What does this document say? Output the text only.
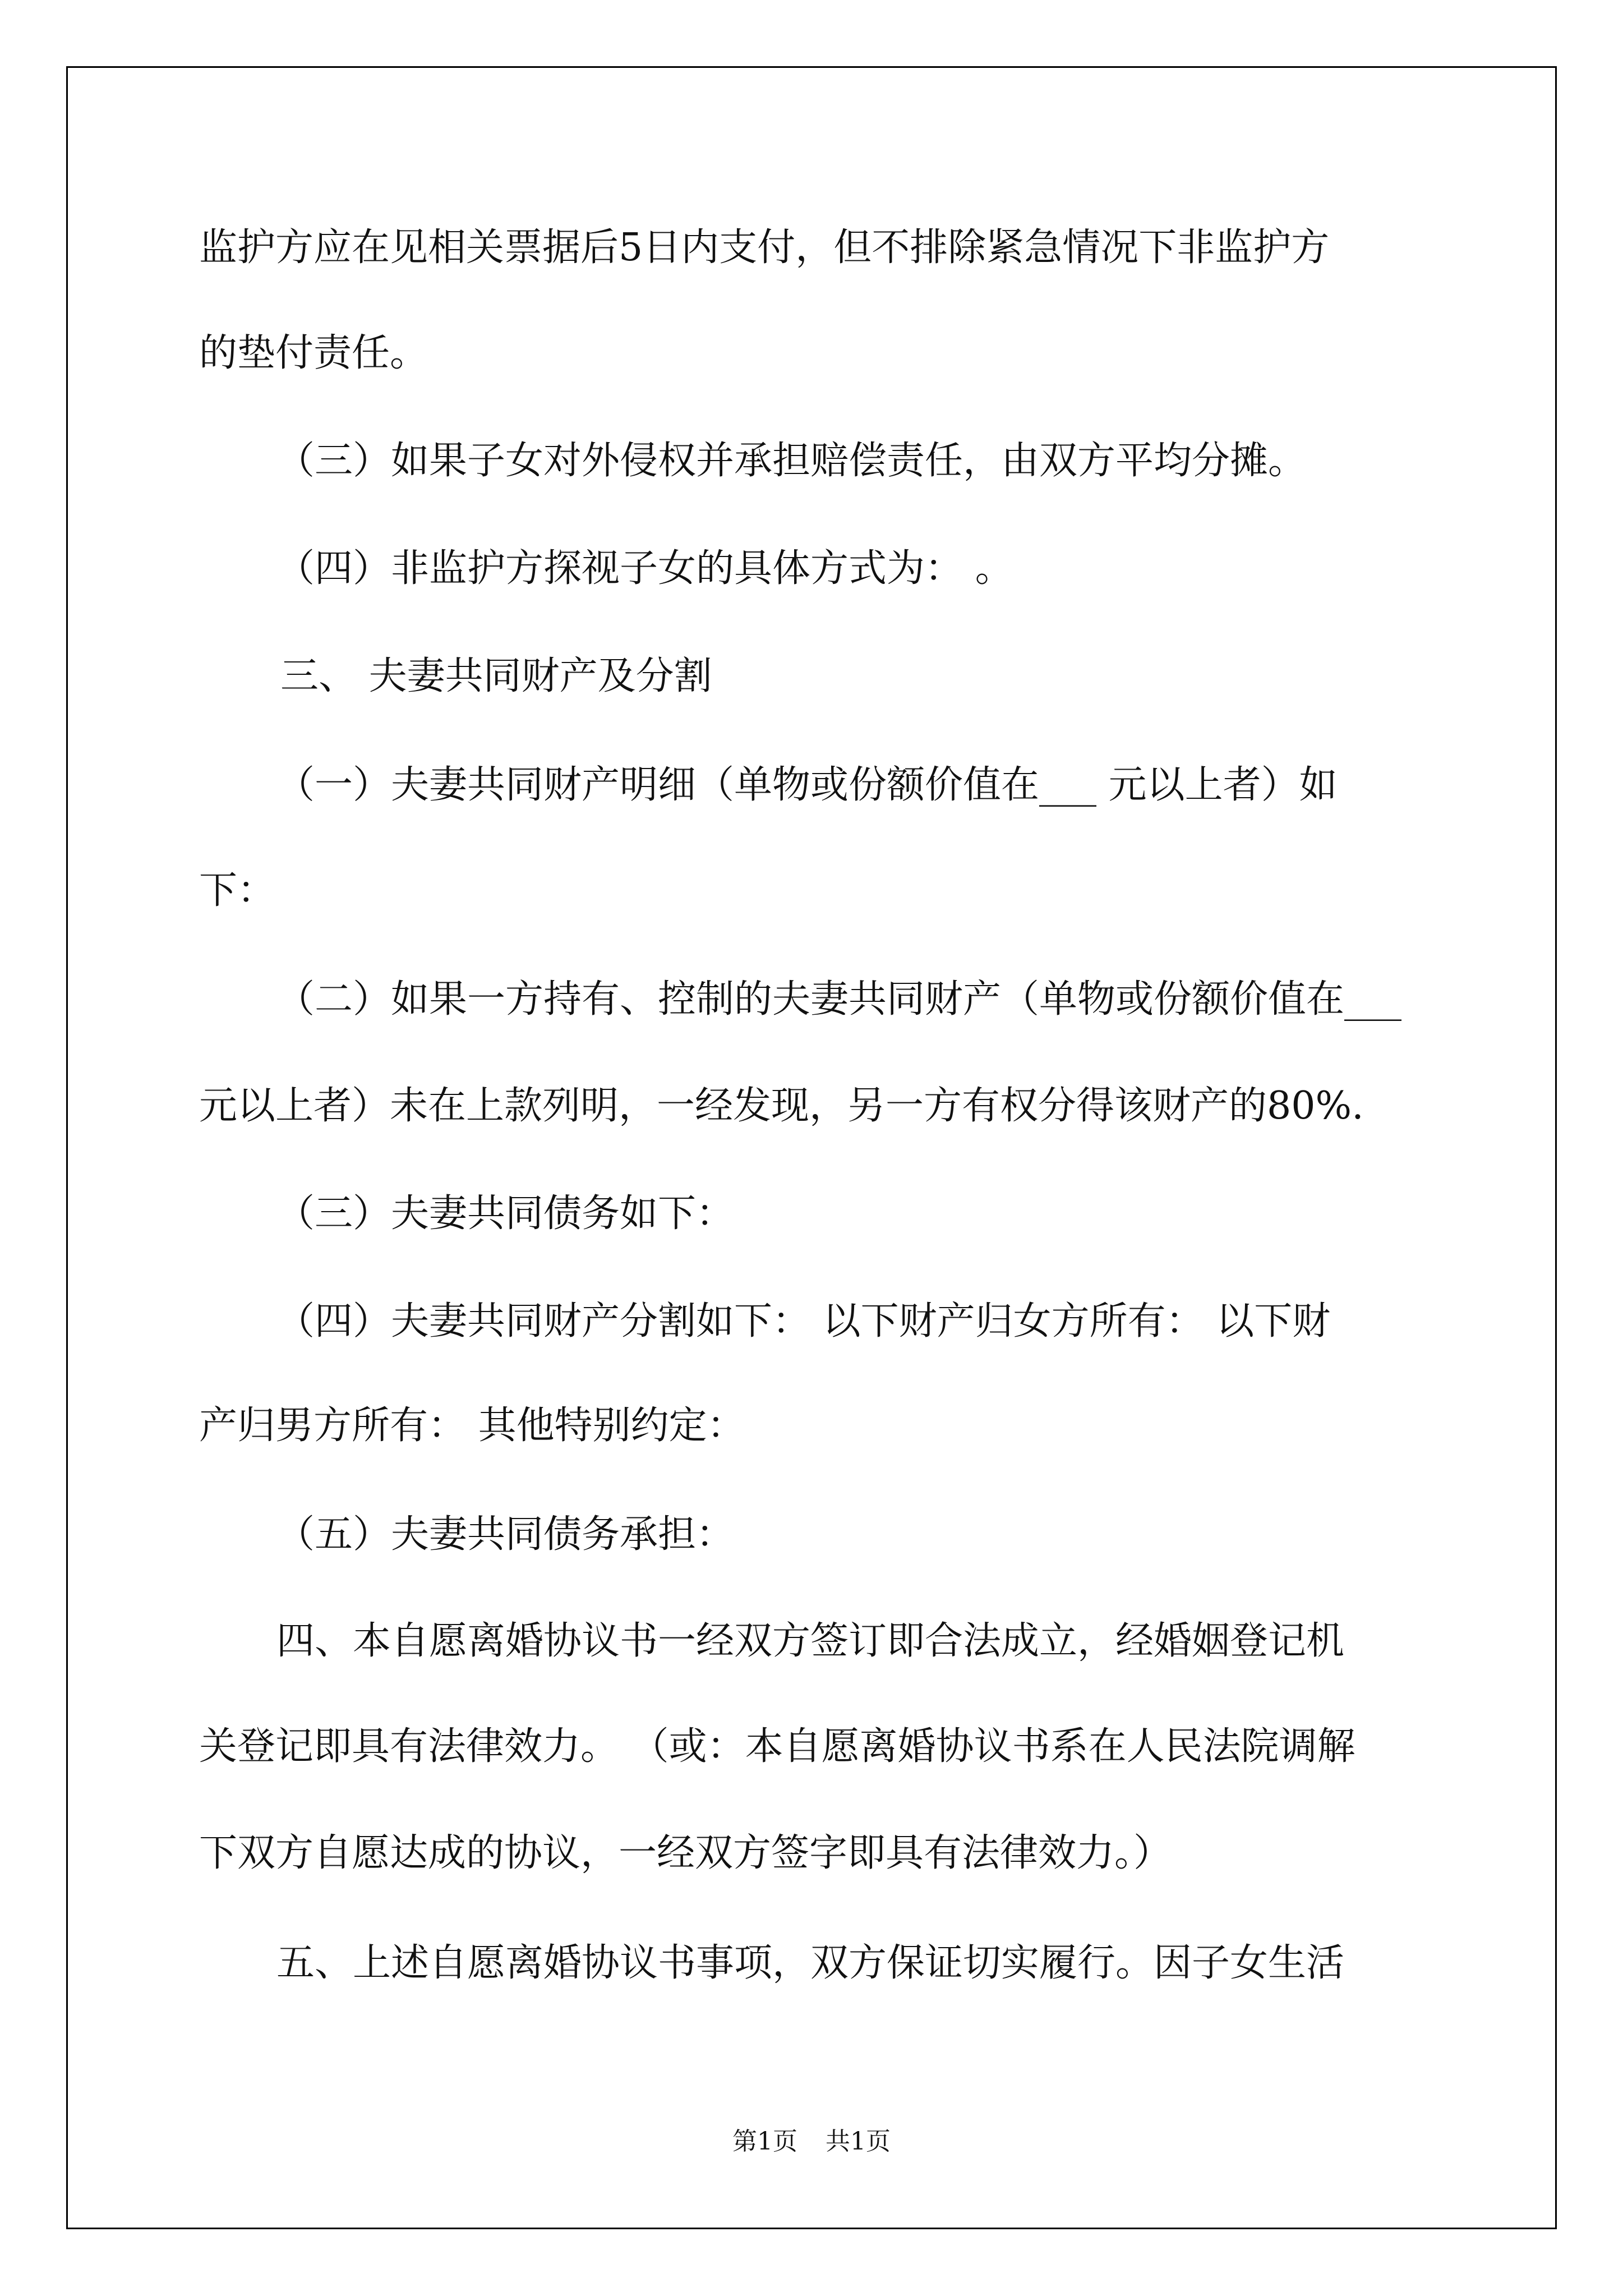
监护方应在见相关票据后5日内支付，但不排除紧急情况下非监护方

的垫付责任。

（三）如果子女对外侵权并承担赔偿责任，由双方平均分摊。

（四）非监护方探视子女的具体方式为： 。

三、 夫妻共同财产及分割

（一）夫妻共同财产明细（单物或份额价值在___ 元以上者）如

下：

（二）如果一方持有、控制的夫妻共同财产（单物或份额价值在___

元以上者）未在上款列明，一经发现，另一方有权分得该财产的80%.

（三）夫妻共同债务如下：

（四）夫妻共同财产分割如下： 以下财产归女方所有： 以下财

产归男方所有： 其他特别约定：

（五）夫妻共同债务承担：

四、本自愿离婚协议书一经双方签订即合法成立，经婚姻登记机

关登记即具有法律效力。 （或：本自愿离婚协议书系在人民法院调解

下双方自愿达成的协议，一经双方签字即具有法律效力。）

五、上述自愿离婚协议书事项，双方保证切实履行。因子女生活

第1页 共1页
